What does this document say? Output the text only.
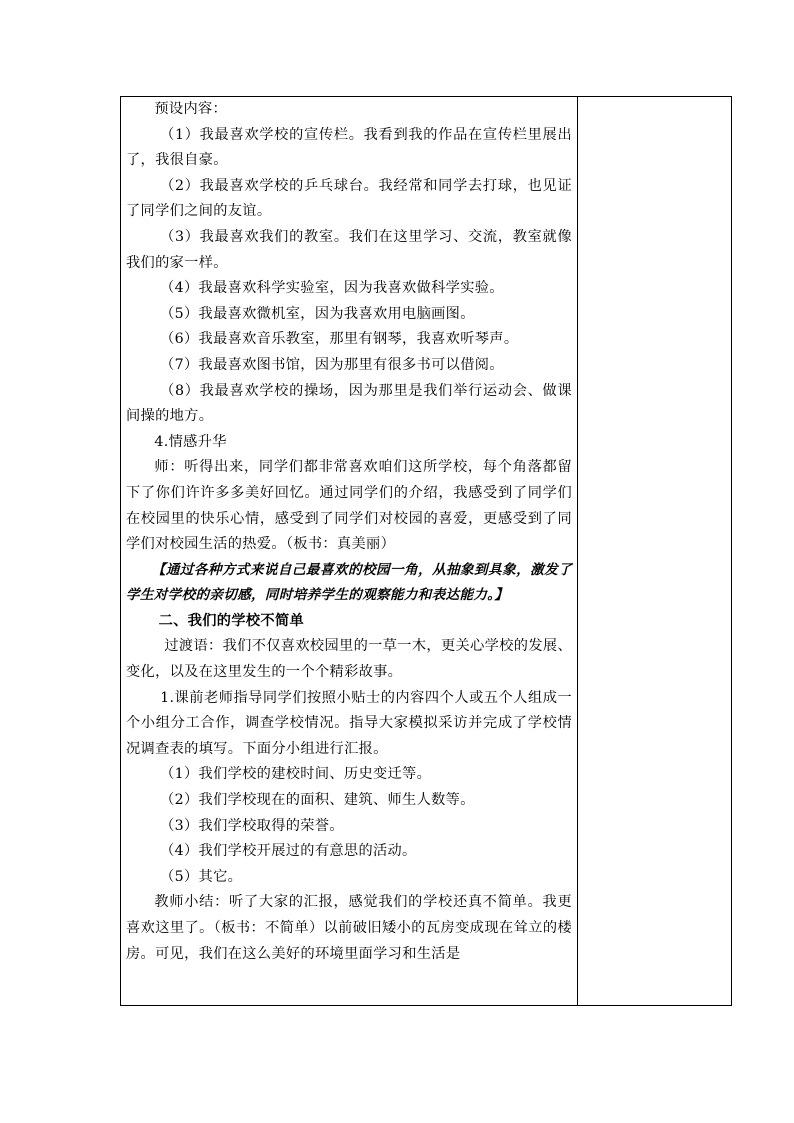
预设内容：

（1）我最喜欢学校的宣传栏。我看到我的作品在宣传栏里展出了，我很自豪。

（2）我最喜欢学校的乒乓球台。我经常和同学去打球，也见证了同学们之间的友谊。

（3）我最喜欢我们的教室。我们在这里学习、交流，教室就像我们的家一样。

（4）我最喜欢科学实验室，因为我喜欢做科学实验。

（5）我最喜欢微机室，因为我喜欢用电脑画图。

（6）我最喜欢音乐教室，那里有钢琴，我喜欢听琴声。

（7）我最喜欢图书馆，因为那里有很多书可以借阅。

（8）我最喜欢学校的操场，因为那里是我们举行运动会、做课间操的地方。

4.情感升华

师：听得出来，同学们都非常喜欢咱们这所学校，每个角落都留下了你们许许多多美好回忆。通过同学们的介绍，我感受到了同学们在校园里的快乐心情，感受到了同学们对校园的喜爱，更感受到了同学们对校园生活的热爱。（板书：真美丽）

【通过各种方式来说自己最喜欢的校园一角，从抽象到具象，激发了学生对学校的亲切感，同时培养学生的观察能力和表达能力。】

二、我们的学校不简单

过渡语：我们不仅喜欢校园里的一草一木，更关心学校的发展、变化，以及在这里发生的一个个精彩故事。

1.课前老师指导同学们按照小贴士的内容四个人或五个人组成一个小组分工合作，调查学校情况。指导大家模拟采访并完成了学校情况调查表的填写。下面分小组进行汇报。

（1）我们学校的建校时间、历史变迁等。

（2）我们学校现在的面积、建筑、师生人数等。

（3）我们学校取得的荣誉。

（4）我们学校开展过的有意思的活动。

（5）其它。

教师小结：听了大家的汇报，感觉我们的学校还真不简单。我更喜欢这里了。（板书：不简单）以前破旧矮小的瓦房变成现在耸立的楼房。可见，我们在这么美好的环境里面学习和生活是
